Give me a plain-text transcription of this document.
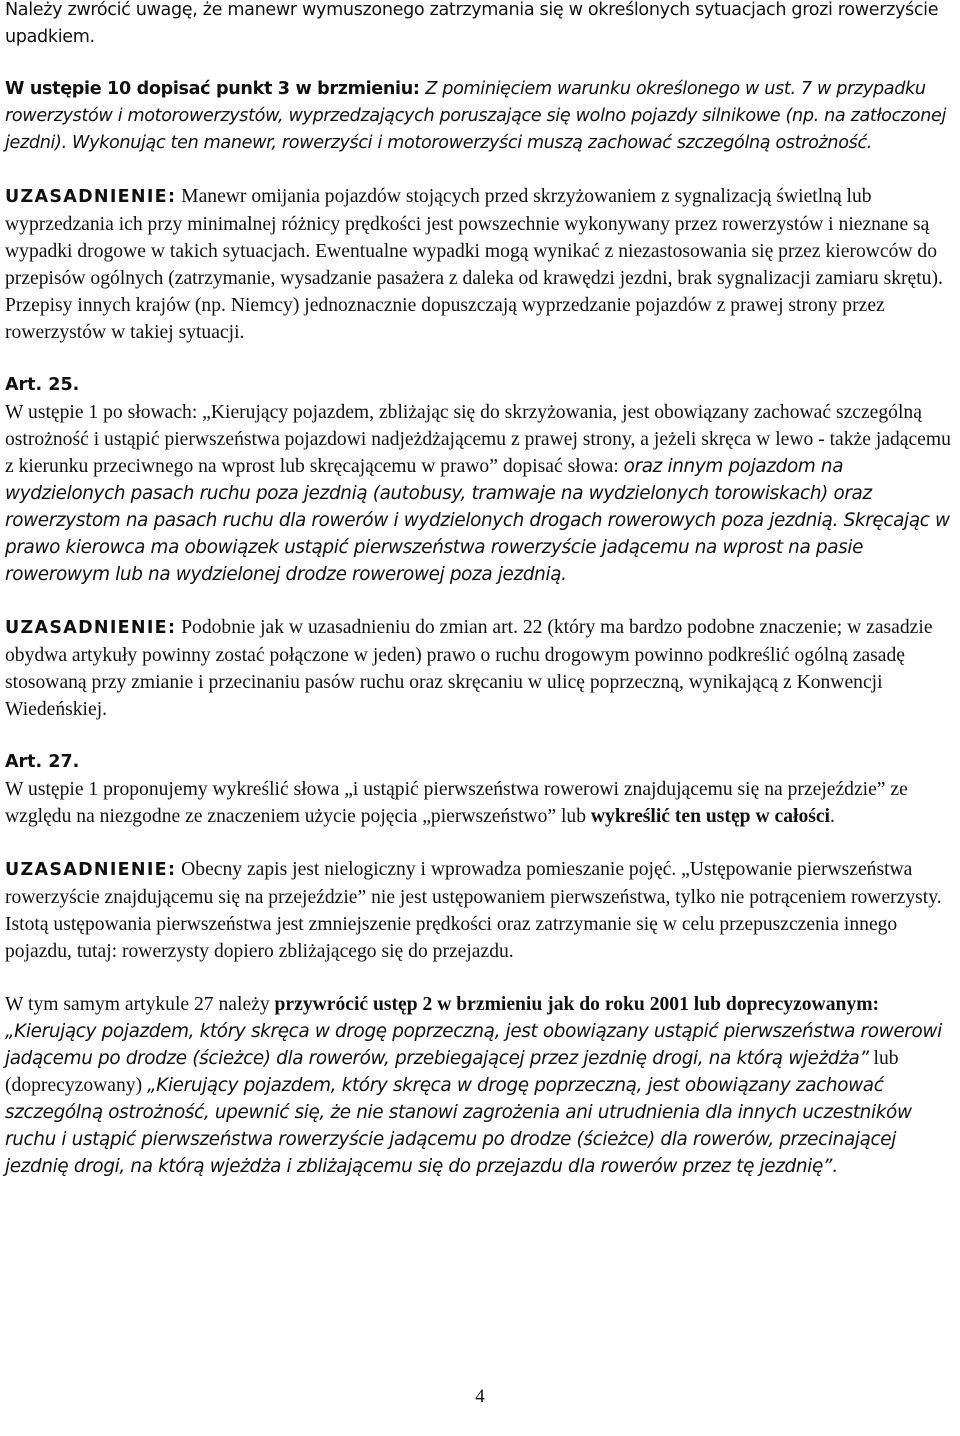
Należy zwrócić uwagę, że manewr wymuszonego zatrzymania się w określonych sytuacjach grozi rowerzyście upadkiem.

W ustępie 10 dopisać punkt 3 w brzmieniu: Z pominięciem warunku określonego w ust. 7 w przypadku rowerzystów i motorowerzystów, wyprzedzających poruszające się wolno pojazdy silnikowe (np. na zatłoczonej jezdni). Wykonując ten manewr, rowerzyści i motorowerzyści muszą zachować szczególną ostrożność.

UZASADNIENIE: Manewr omijania pojazdów stojących przed skrzyżowaniem z sygnalizacją świetlną lub wyprzedzania ich przy minimalnej różnicy prędkości jest powszechnie wykonywany przez rowerzystów i nieznane są wypadki drogowe w takich sytuacjach. Ewentualne wypadki mogą wynikać z niezastosowania się przez kierowców do przepisów ogólnych (zatrzymanie, wysadzanie pasażera z daleka od krawędzi jezdni, brak sygnalizacji zamiaru skrętu). Przepisy innych krajów (np. Niemcy) jednoznacznie dopuszczają wyprzedzanie pojazdów z prawej strony przez rowerzystów w takiej sytuacji.

Art. 25.

W ustępie 1 po słowach: „Kierujący pojazdem, zbliżając się do skrzyżowania, jest obowiązany zachować szczególną ostrożność i ustąpić pierwszeństwa pojazdowi nadjeżdżającemu z prawej strony, a jeżeli skręca w lewo - także jadącemu z kierunku przeciwnego na wprost lub skręcającemu w prawo” dopisać słowa: oraz innym pojazdom na wydzielonych pasach ruchu poza jezdnią (autobusy, tramwaje na wydzielonych torowiskach) oraz rowerzystom na pasach ruchu dla rowerów i wydzielonych drogach rowerowych poza jezdnią. Skręcając w prawo kierowca ma obowiązek ustąpić pierwszeństwa rowerzyście jadącemu na wprost na pasie rowerowym lub na wydzielonej drodze rowerowej poza jezdnią.

UZASADNIENIE: Podobnie jak w uzasadnieniu do zmian art. 22 (który ma bardzo podobne znaczenie; w zasadzie obydwa artykuły powinny zostać połączone w jeden) prawo o ruchu drogowym powinno podkreślić ogólną zasadę stosowaną przy zmianie i przecinaniu pasów ruchu oraz skręcaniu w ulicę poprzeczną, wynikającą z Konwencji Wiedeńskiej.

Art. 27.

W ustępie 1 proponujemy wykreślić słowa „i ustąpić pierwszeństwa rowerowi znajdującemu się na przejeździe” ze względu na niezgodne ze znaczeniem użycie pojęcia „pierwszeństwo” lub wykreślić ten ustęp w całości.

UZASADNIENIE: Obecny zapis jest nielogiczny i wprowadza pomieszanie pojęć. „Ustępowanie pierwszeństwa rowerzyście znajdującemu się na przejeździe” nie jest ustępowaniem pierwszeństwa, tylko nie potrąceniem rowerzysty. Istotą ustępowania pierwszeństwa jest zmniejszenie prędkości oraz zatrzymanie się w celu przepuszczenia innego pojazdu, tutaj: rowerzysty dopiero zbliżającego się do przejazdu.

W tym samym artykule 27 należy przywrócić ustęp 2 w brzmieniu jak do roku 2001 lub doprecyzowanym: „Kierujący pojazdem, który skręca w drogę poprzeczną, jest obowiązany ustąpić pierwszeństwa rowerowi jadącemu po drodze (ścieżce) dla rowerów, przebiegającej przez jezdnię drogi, na którą wjeżdża” lub (doprecyzowany) „Kierujący pojazdem, który skręca w drogę poprzeczną, jest obowiązany zachować szczególną ostrożność, upewnić się, że nie stanowi zagrożenia ani utrudnienia dla innych uczestników ruchu i ustąpić pierwszeństwa rowerzyście jadącemu po drodze (ścieżce) dla rowerów, przecinającej jezdnię drogi, na którą wjeżdża i zbliżającemu się do przejazdu dla rowerów przez tę jezdnię”.

4
